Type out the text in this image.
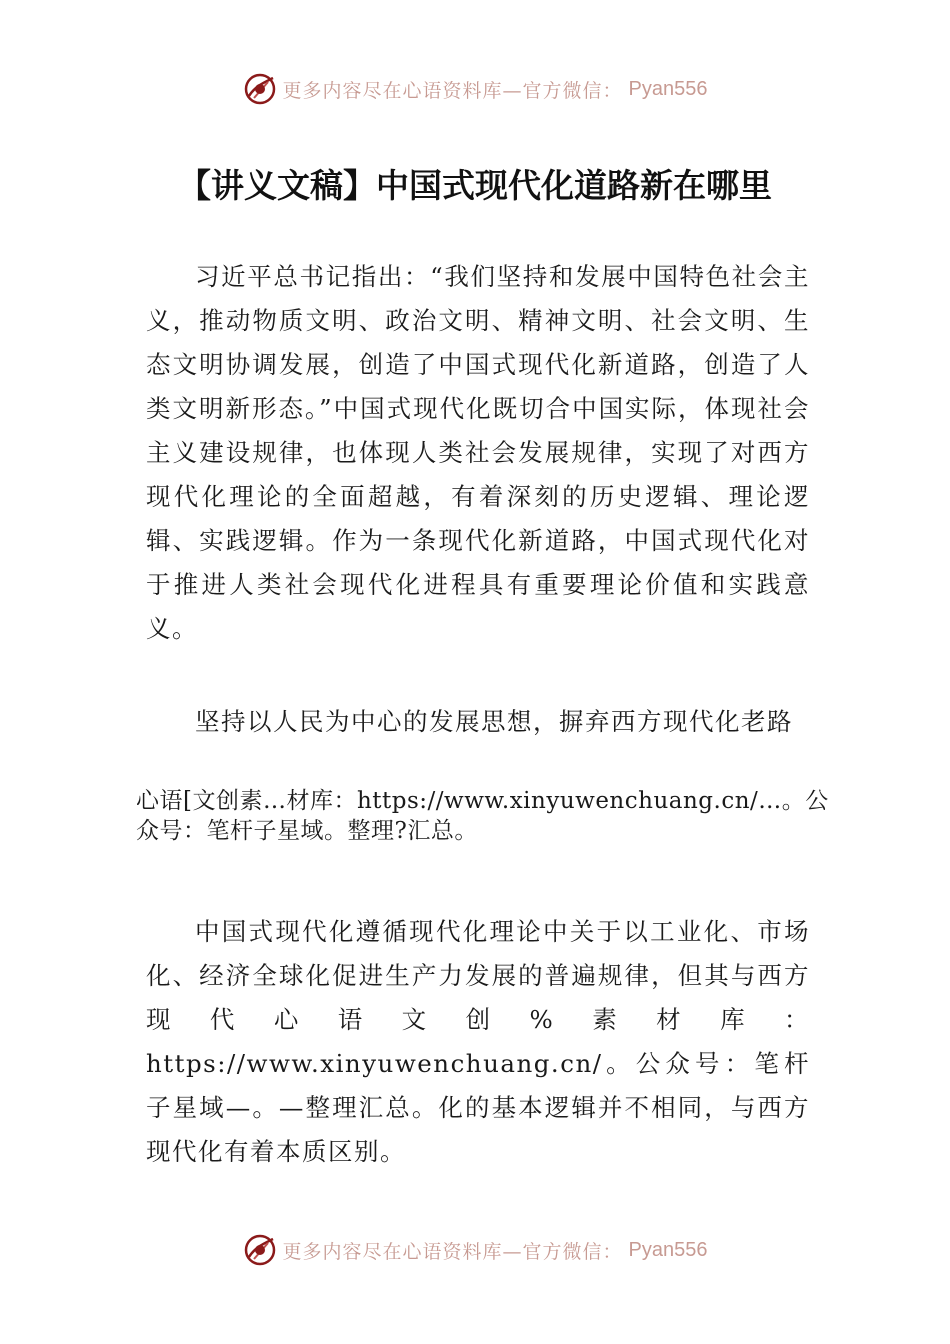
更多内容尽在心语资料库—官方微信： Pyan556
【讲义文稿】中国式现代化道路新在哪里

习近平总书记指出：“我们坚持和发展中国特色社会主义，推动物质文明、政治文明、精神文明、社会文明、生态文明协调发展，创造了中国式现代化新道路，创造了人类文明新形态。”中国式现代化既切合中国实际，体现社会主义建设规律，也体现人类社会发展规律，实现了对西方现代化理论的全面超越，有着深刻的历史逻辑、理论逻辑、实践逻辑。作为一条现代化新道路，中国式现代化对于推进人类社会现代化进程具有重要理论价值和实践意义。

坚持以人民为中心的发展思想，摒弃西方现代化老路

心语[文创素…材库：https://www.xinyuwenchuang.cn/…。公众号：笔杆子星域。整理?汇总。

中国式现代化遵循现代化理论中关于以工业化、市场化、经济全球化促进生产力发展的普遍规律，但其与西方现代心语文创%素材库：https://www.xinyuwenchuang.cn/。公众号：笔杆子星域—。—整理汇总。化的基本逻辑并不相同，与西方现代化有着本质区别。

更多内容尽在心语资料库—官方微信： Pyan556
